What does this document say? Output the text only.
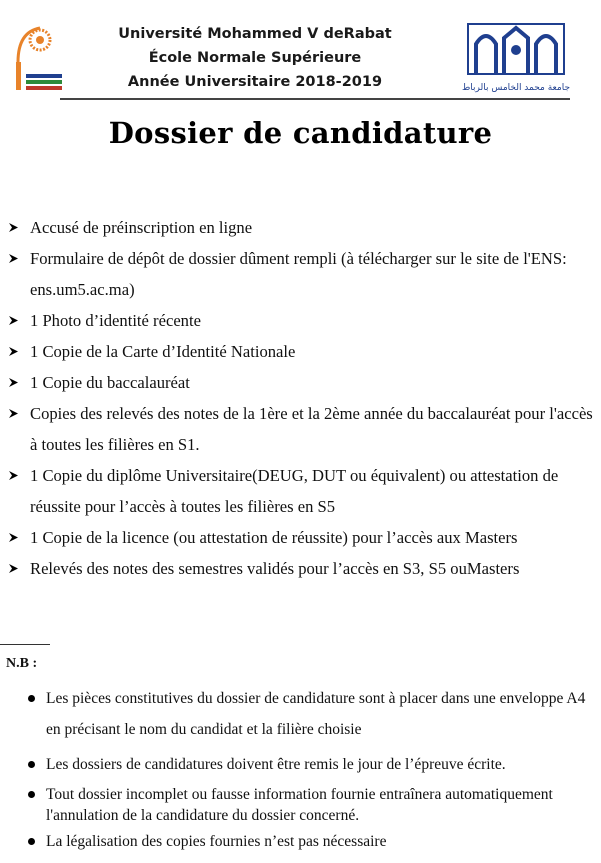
Université Mohammed V deRabat
École Normale Supérieure
Année Universitaire 2018-2019	جامعة محمد الخامس بالرباط
Dossier de candidature
Accusé de préinscription en ligne
Formulaire de dépôt de dossier dûment rempli (à télécharger sur le site de l'ENS: ens.um5.ac.ma)
1 Photo d’identité récente
1 Copie de la Carte d’Identité Nationale
1 Copie du baccalauréat
Copies des relevés des notes de la 1ère et la 2ème année du baccalauréat pour l'accès à toutes les filières en S1.
1 Copie du diplôme Universitaire(DEUG, DUT ou équivalent) ou attestation de réussite pour l’accès à toutes les filières en S5
1 Copie de la licence (ou attestation de réussite) pour l’accès aux Masters
Relevés des notes des semestres validés pour l’accès en S3, S5 ouMasters
N.B :
Les pièces constitutives du dossier de candidature sont à placer dans une enveloppe A4 en précisant le nom du candidat et la filière choisie
Les dossiers de candidatures doivent être remis le jour de l’épreuve écrite.
Tout dossier incomplet ou fausse information fournie entraînera automatiquement l'annulation de la candidature du dossier concerné.
La légalisation des copies fournies n’est pas nécessaire
